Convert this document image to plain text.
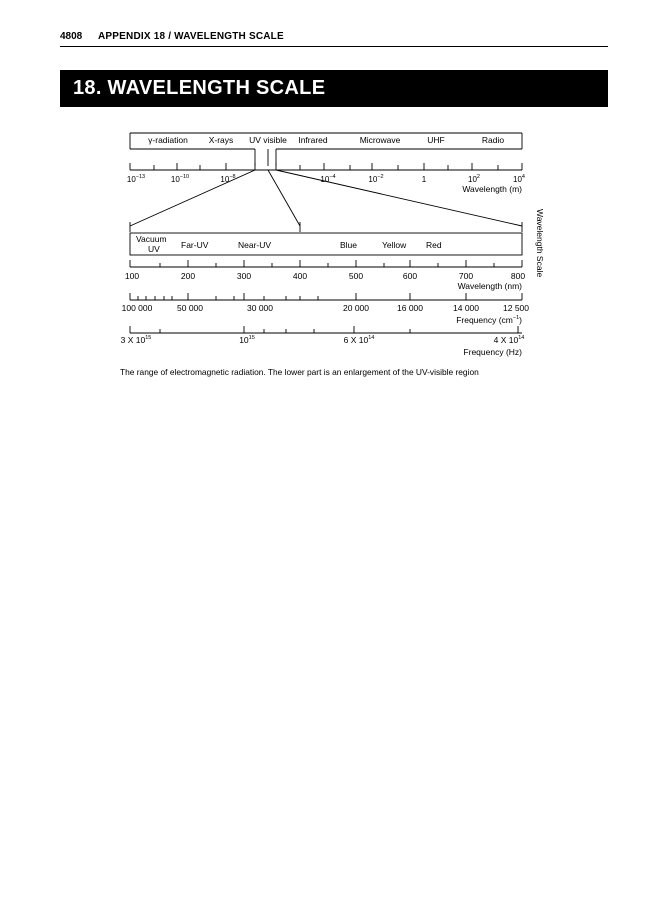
4808 APPENDIX 18 / WAVELENGTH SCALE
18. WAVELENGTH SCALE
γ-radiation X-rays UV visible Infrared	Microwave	UHF	Radio
$10^{-13}$	$10^{-10}$	$10^{-8}$	$10^{-4}$	$10^{-2}$	1	$10^2$	$10^4$
Wavelength (m)
Wavelength Scale
Vacuum
UV Far-UV	Near-UV	Blue	Yellow Red
100	200	300	400	500	600	700	800
Wavelength (nm)
100 000	50 000	30 000	20 000	16 000	14 000	12 500
Frequency $(cm^{-1})$
3 X $10^{15}$	$10^{15}$	6 X $10^{14}$	4 X $10^{14}$
Frequency (Hz)
The range of electromagnetic radiation. The lower part is an enlargement of the UV-visible region
